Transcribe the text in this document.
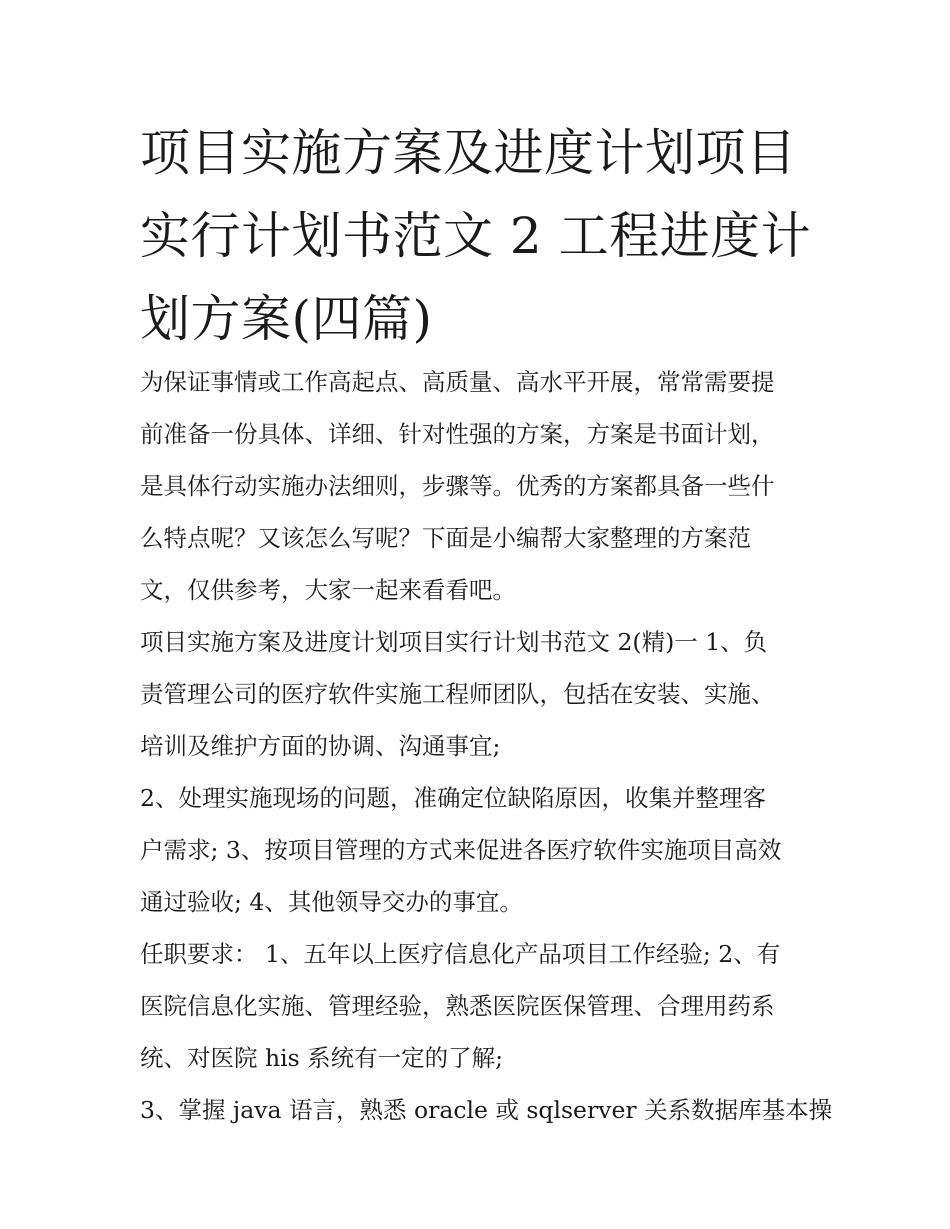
项目实施方案及进度计划项目
实行计划书范文 2 工程进度计
划方案(四篇)
为保证事情或工作高起点、高质量、高水平开展，常常需要提
前准备一份具体、详细、针对性强的方案，方案是书面计划，
是具体行动实施办法细则，步骤等。优秀的方案都具备一些什
么特点呢？又该怎么写呢？下面是小编帮大家整理的方案范
文，仅供参考，大家一起来看看吧。
项目实施方案及进度计划项目实行计划书范文 2(精)一 1、负
责管理公司的医疗软件实施工程师团队，包括在安装、实施、
培训及维护方面的协调、沟通事宜;
2、处理实施现场的问题，准确定位缺陷原因，收集并整理客
户需求; 3、按项目管理的方式来促进各医疗软件实施项目高效
通过验收; 4、其他领导交办的事宜。
任职要求： 1、五年以上医疗信息化产品项目工作经验; 2、有
医院信息化实施、管理经验，熟悉医院医保管理、合理用药系
统、对医院 his 系统有一定的了解;
3、掌握 java 语言，熟悉 oracle 或 sqlserver 关系数据库基本操
